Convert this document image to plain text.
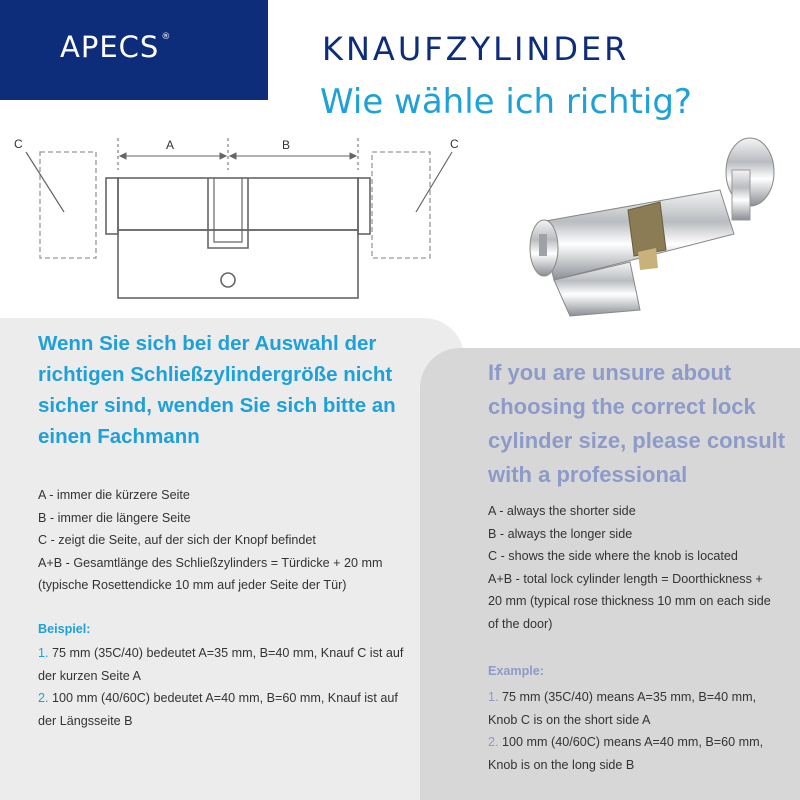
APECS ®	KNAUFZYLINDER
Wie wähle ich richtig?
C	A	B	C
Wenn Sie sich bei der Auswahl der richtigen Schließzylindergröße nicht sicher sind, wenden Sie sich bitte an einen Fachmann
A - immer die kürzere Seite
B - immer die längere Seite
C - zeigt die Seite, auf der sich der Knopf befindet
A+B - Gesamtlänge des Schließzylinders = Türdicke + 20 mm (typische Rosettendicke 10 mm auf jeder Seite der Tür)
Beispiel:
1. 75 mm (35C/40) bedeutet A=35 mm, B=40 mm, Knauf C ist auf der kurzen Seite A
2. 100 mm (40/60C) bedeutet A=40 mm, B=60 mm, Knauf ist auf der Längsseite B
If you are unsure about choosing the correct lock cylinder size, please consult with a professional
A - always the shorter side
B - always the longer side
C - shows the side where the knob is located
A+B - total lock cylinder length = Doorthickness + 20 mm (typical rose thickness 10 mm on each side of the door)
Example:
1. 75 mm (35C/40) means A=35 mm, B=40 mm, Knob C is on the short side A
2. 100 mm (40/60C) means A=40 mm, B=60 mm, Knob is on the long side B
